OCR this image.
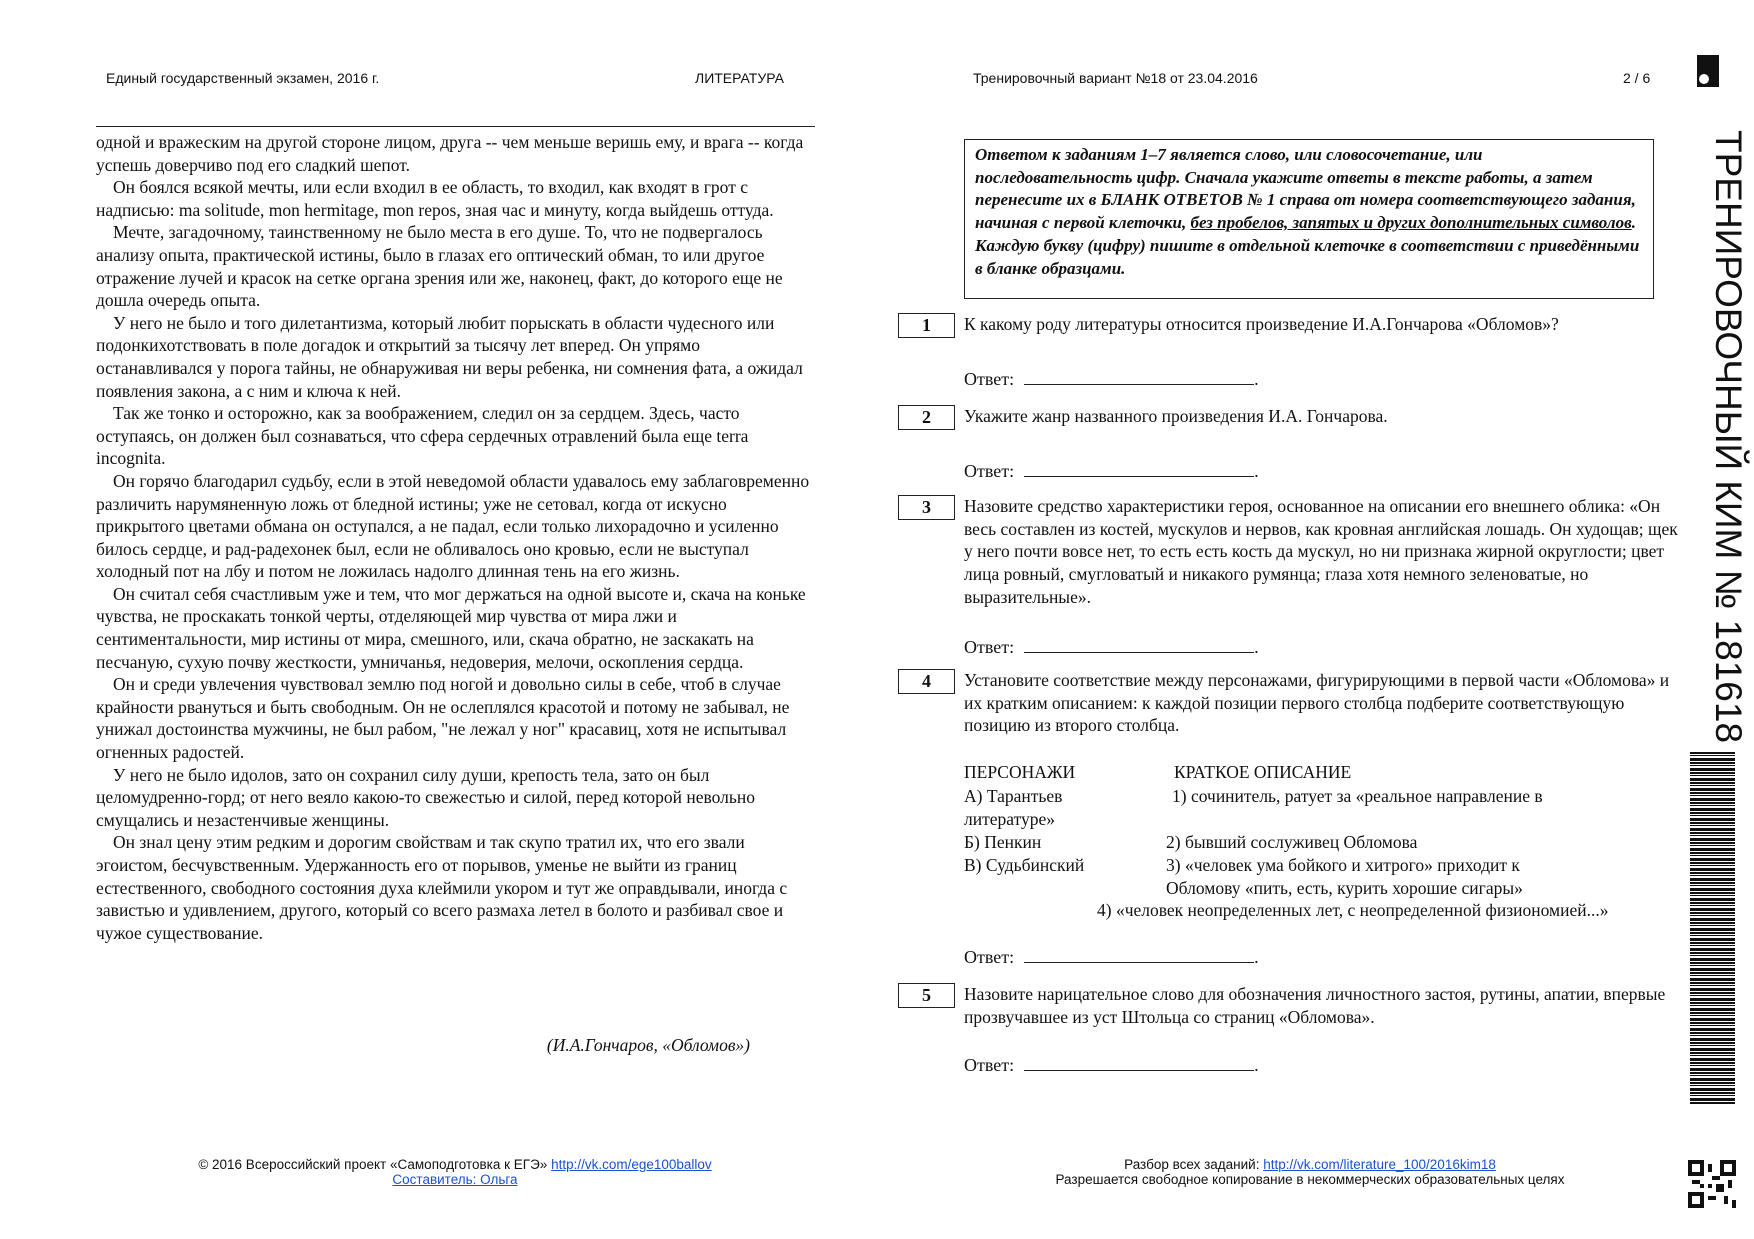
Единый государственный экзамен, 2016 г.	ЛИТЕРАТУРА	Тренировочный вариант №18 от 23.04.2016	2 / 6

одной и вражеским на другой стороне лицом, друга -- чем меньше веришь ему, и врага -- когда успешь доверчиво под его сладкий шепот.

Он боялся всякой мечты, или если входил в ее область, то входил, как входят в грот с надписью: ma solitude, mon hermitage, mon repos, зная час и минуту, когда выйдешь оттуда.

Мечте, загадочному, таинственному не было места в его душе. То, что не подвергалось анализу опыта, практической истины, было в глазах его оптический обман, то или другое отражение лучей и красок на сетке органа зрения или же, наконец, факт, до которого еще не дошла очередь опыта.

У него не было и того дилетантизма, который любит порыскать в области чудесного или подонкихотствовать в поле догадок и открытий за тысячу лет вперед. Он упрямо останавливался у порога тайны, не обнаруживая ни веры ребенка, ни сомнения фата, а ожидал появления закона, а с ним и ключа к ней.

Так же тонко и осторожно, как за воображением, следил он за сердцем. Здесь, часто оступаясь, он должен был сознаваться, что сфера сердечных отравлений была еще terra incognita.

Он горячо благодарил судьбу, если в этой неведомой области удавалось ему заблаговременно различить нарумяненную ложь от бледной истины; уже не сетовал, когда от искусно прикрытого цветами обмана он оступался, а не падал, если только лихорадочно и усиленно билось сердце, и рад-радехонек был, если не обливалось оно кровью, если не выступал холодный пот на лбу и потом не ложилась надолго длинная тень на его жизнь.

Он считал себя счастливым уже и тем, что мог держаться на одной высоте и, скача на коньке чувства, не проскакать тонкой черты, отделяющей мир чувства от мира лжи и сентиментальности, мир истины от мира, смешного, или, скача обратно, не заскакать на песчаную, сухую почву жесткости, умничанья, недоверия, мелочи, оскопления сердца.

Он и среди увлечения чувствовал землю под ногой и довольно силы в себе, чтоб в случае крайности рвануться и быть свободным. Он не ослеплялся красотой и потому не забывал, не унижал достоинства мужчины, не был рабом, "не лежал у ног" красавиц, хотя не испытывал огненных радостей.

У него не было идолов, зато он сохранил силу души, крепость тела, зато он был целомудренно-горд; от него веяло какою-то свежестью и силой, перед которой невольно смущались и незастенчивые женщины.

Он знал цену этим редким и дорогим свойствам и так скупо тратил их, что его звали эгоистом, бесчувственным. Удержанность его от порывов, уменье не выйти из границ естественного, свободного состояния духа клеймили укором и тут же оправдывали, иногда с завистью и удивлением, другого, который со всего размаха летел в болото и разбивал свое и чужое существование.

(И.А.Гончаров, «Обломов»)
Ответом к заданиям 1–7 является слово, или словосочетание, или последовательность цифр. Сначала укажите ответы в тексте работы, а затем перенесите их в БЛАНК ОТВЕТОВ № 1 справа от номера соответствующего задания, начиная с первой клеточки, без пробелов, запятых и других дополнительных символов. Каждую букву (цифру) пишите в отдельной клеточке в соответствии с приведёнными в бланке образцами.
1	К какому роду литературы относится произведение И.А.Гончарова «Обломов»?
Ответ:	.
2	Укажите жанр названного произведения И.А. Гончарова.
Ответ:	.
3	Назовите средство характеристики героя, основанное на описании его внешнего облика: «Он весь составлен из костей, мускулов и нервов, как кровная английская лошадь. Он худощав; щек у него почти вовсе нет, то есть есть кость да мускул, но ни признака жирной округлости; цвет лица ровный, смугловатый и никакого румянца; глаза хотя немного зеленоватые, но выразительные».
Ответ:	.
4	Установите соответствие между персонажами, фигурирующими в первой части «Обломова» и их кратким описанием: к каждой позиции первого столбца подберите соответствующую позицию из второго столбца.
ПЕРСОНАЖИ	КРАТКОЕ ОПИСАНИЕ
А) Тарантьев	1) сочинитель, ратует за «реальное направление в литературе»
Б) Пенкин	2) бывший сослуживец Обломова
В) Судьбинский	3) «человек ума бойкого и хитрого» приходит к Обломову «пить, есть, курить хорошие сигары»
4) «человек неопределенных лет, с неопределенной физиономией...»
Ответ:	.
5	Назовите нарицательное слово для обозначения личностного застоя, рутины, апатии, впервые прозвучавшее из уст Штольца со страниц «Обломова».
Ответ:	.
© 2016 Всероссийский проект «Самоподготовка к ЕГЭ» http://vk.com/ege100ballov
Составитель: Ольга
Разбор всех заданий: http://vk.com/literature_100/2016kim18
Разрешается свободное копирование в некоммерческих образовательных целях
ТРЕНИРОВОЧНЫЙ КИМ № 181618
